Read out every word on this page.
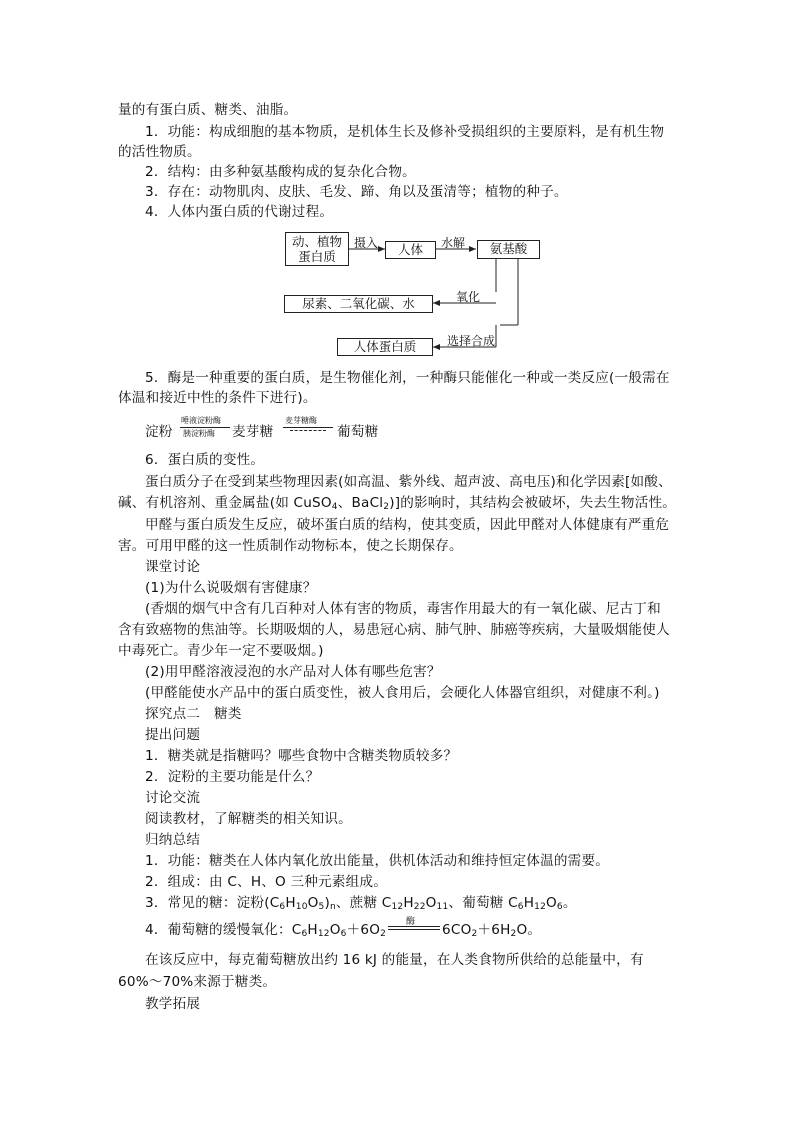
量的有蛋白质、糖类、油脂。
1．功能：构成细胞的基本物质，是机体生长及修补受损组织的主要原料，是有机生物
的活性物质。
2．结构：由多种氨基酸构成的复杂化合物。
3．存在：动物肌肉、皮肤、毛发、蹄、角以及蛋清等；植物的种子。
4．人体内蛋白质的代谢过程。
动、植物
蛋白质
摄入	人体	水解	氨基酸
氧化
尿素、二氧化碳、水
选择合成
人体蛋白质
5．酶是一种重要的蛋白质，是生物催化剂，一种酶只能催化一种或一类反应(一般需在
体温和接近中性的条件下进行)。
淀粉
唾液淀粉酶
胰淀粉酶 麦芽糖
麦芽糖酶
葡萄糖
6．蛋白质的变性。
蛋白质分子在受到某些物理因素(如高温、紫外线、超声波、高电压)和化学因素[如酸、
碱、有机溶剂、重金属盐(如 CuSO$_4$、BaCl$_2$)]的影响时，其结构会被破坏，失去生物活性。
甲醛与蛋白质发生反应，破坏蛋白质的结构，使其变质，因此甲醛对人体健康有严重危
害。可用甲醛的这一性质制作动物标本，使之长期保存。
课堂讨论
(1)为什么说吸烟有害健康？
(香烟的烟气中含有几百种对人体有害的物质，毒害作用最大的有一氧化碳、尼古丁和
含有致癌物的焦油等。长期吸烟的人，易患冠心病、肺气肿、肺癌等疾病，大量吸烟能使人
中毒死亡。青少年一定不要吸烟。)
(2)用甲醛溶液浸泡的水产品对人体有哪些危害？
(甲醛能使水产品中的蛋白质变性，被人食用后，会硬化人体器官组织，对健康不利。)
探究点二　糖类
提出问题
1．糖类就是指糖吗？哪些食物中含糖类物质较多？
2．淀粉的主要功能是什么？
讨论交流
阅读教材，了解糖类的相关知识。
归纳总结
1．功能：糖类在人体内氧化放出能量，供机体活动和维持恒定体温的需要。
2．组成：由 C、H、O 三种元素组成。
3．常见的糖：淀粉$(C_6H_{10}O_5)_n$、蔗糖 $C_{12}H_{22}O_{11}$、葡萄糖 $C_6H_{12}O_6$。
4．葡萄糖的缓慢氧化：$C_6H_{12}O_6+6O_2$
酶 $6CO_2+6H_2O$。
在该反应中，每克葡萄糖放出约 16 kJ 的能量，在人类食物所供给的总能量中，有
60%～70%来源于糖类。
教学拓展
